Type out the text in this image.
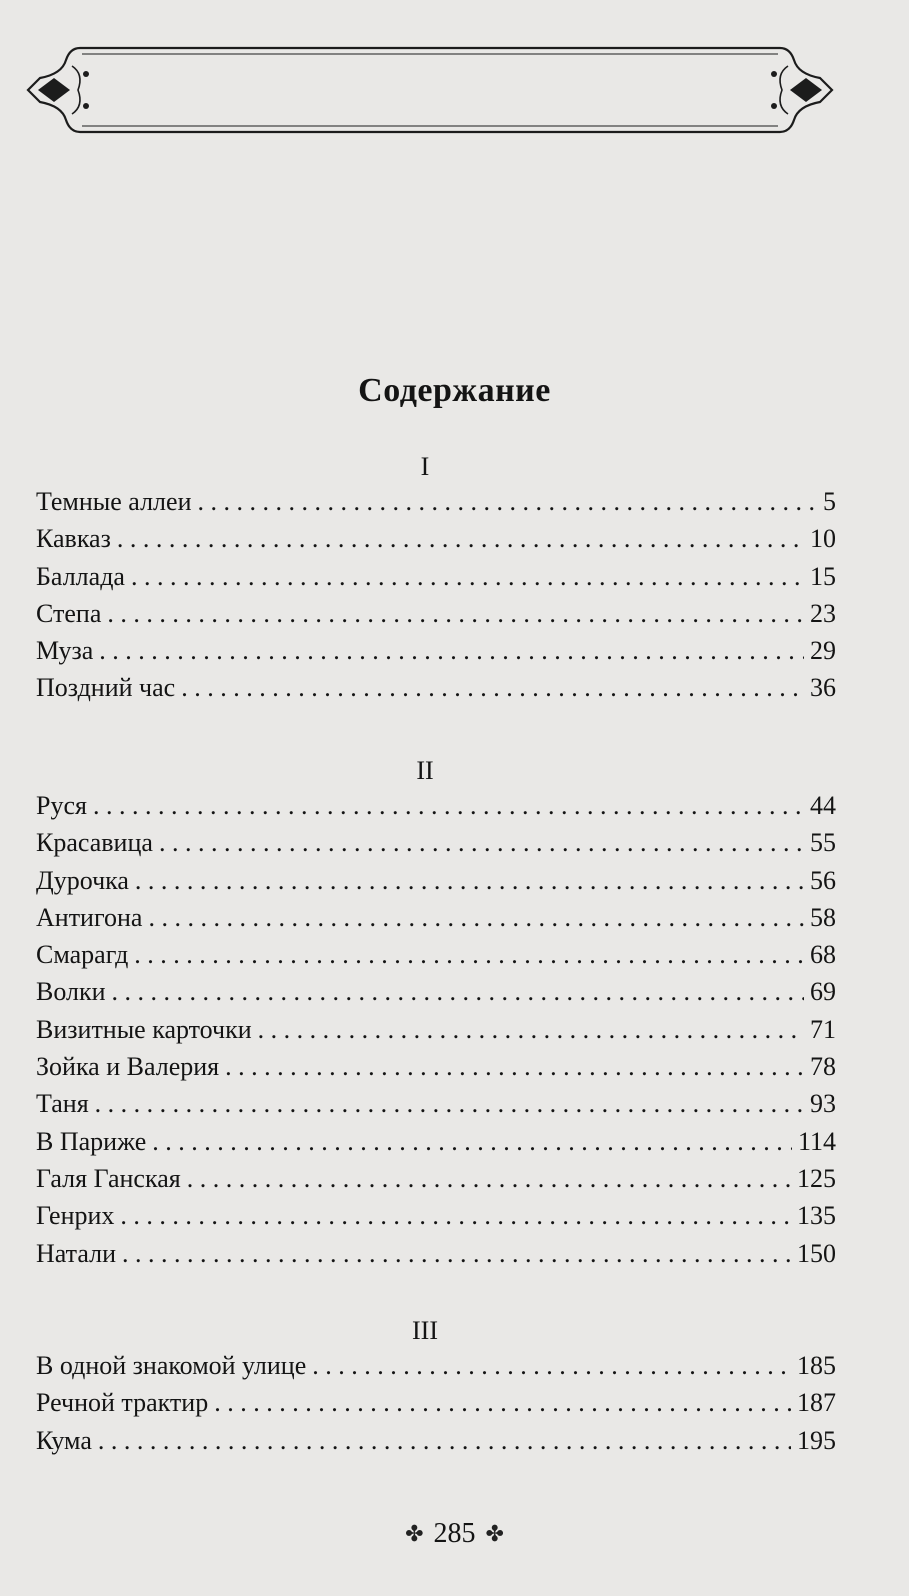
Содержание
I
Темные аллеи . . .	5
Кавказ . . .	10
Баллада . . .	15
Степа . . .	23
Муза . . .	29
Поздний час . . .	36
II
Руся . . .	44
Красавица . . .	55
Дурочка . . .	56
Антигона . . .	58
Смарагд . . .	68
Волки . . .	69
Визитные карточки . . .	71
Зойка и Валерия . . .	78
Таня . . .	93
В Париже . . .	114
Галя Ганская . . .	125
Генрих . . .	135
Натали . . .	150
III
В одной знакомой улице . . .	185
Речной трактир . . .	187
Кума . . .	195
✤ 285 ✤
